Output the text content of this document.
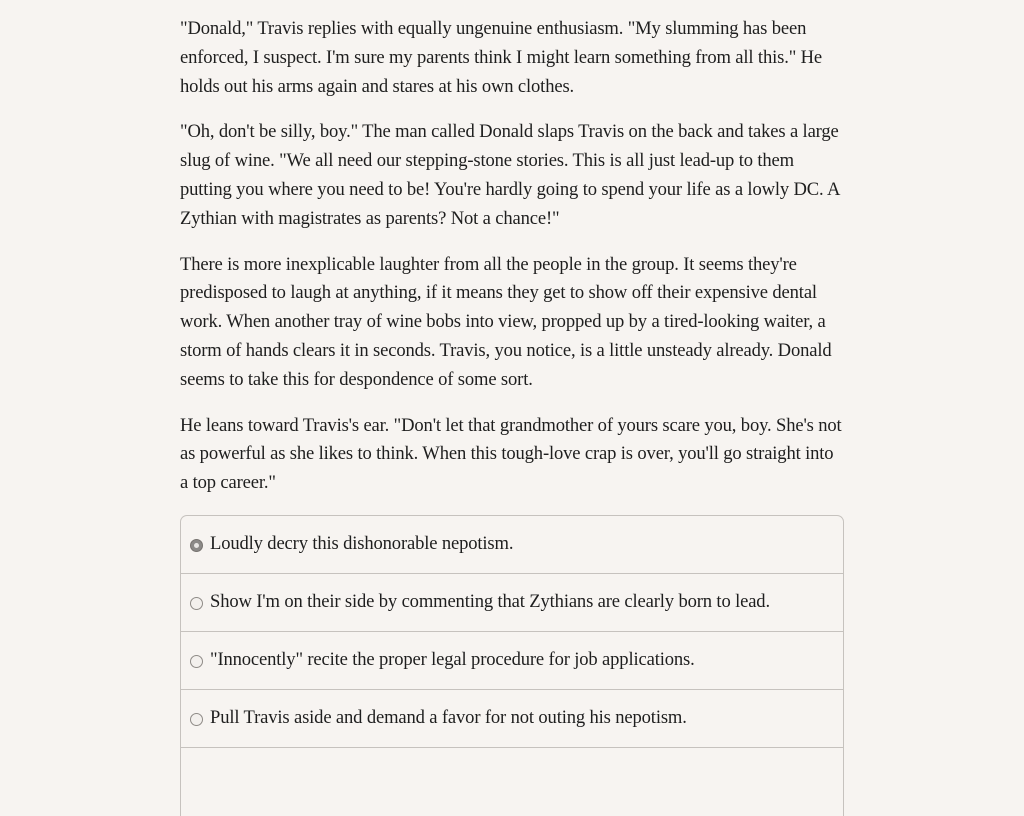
"Donald," Travis replies with equally ungenuine enthusiasm. "My slumming has been enforced, I suspect. I'm sure my parents think I might learn something from all this." He holds out his arms again and stares at his own clothes.

"Oh, don't be silly, boy." The man called Donald slaps Travis on the back and takes a large slug of wine. "We all need our stepping-stone stories. This is all just lead-up to them putting you where you need to be! You're hardly going to spend your life as a lowly DC. A Zythian with magistrates as parents? Not a chance!"

There is more inexplicable laughter from all the people in the group. It seems they're predisposed to laugh at anything, if it means they get to show off their expensive dental work. When another tray of wine bobs into view, propped up by a tired-looking waiter, a storm of hands clears it in seconds. Travis, you notice, is a little unsteady already. Donald seems to take this for despondence of some sort.

He leans toward Travis's ear. "Don't let that grandmother of yours scare you, boy. She's not as powerful as she likes to think. When this tough-love crap is over, you'll go straight into a top career."

Loudly decry this dishonorable nepotism.
Show I'm on their side by commenting that Zythians are clearly born to lead.
"Innocently" recite the proper legal procedure for job applications.
Pull Travis aside and demand a favor for not outing his nepotism.
